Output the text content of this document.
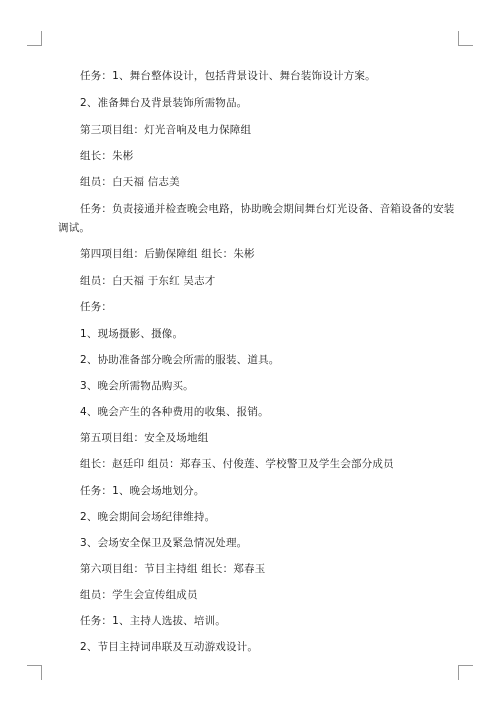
任务：1、舞台整体设计，包括背景设计、舞台装饰设计方案。

2、准备舞台及背景装饰所需物品。

第三项目组：灯光音响及电力保障组

组长：朱彬

组员：白天福 信志美

任务：负责接通并检查晚会电路，协助晚会期间舞台灯光设备、音箱设备的安装

调试。

第四项目组：后勤保障组 组长：朱彬

组员：白天福 于东红 吴志才

任务：

1、现场摄影、摄像。

2、协助准备部分晚会所需的服装、道具。

3、晚会所需物品购买。

4、晚会产生的各种费用的收集、报销。

第五项目组：安全及场地组

组长：赵廷印 组员：郑春玉、付俊莲、学校警卫及学生会部分成员

任务：1、晚会场地划分。

2、晚会期间会场纪律维持。

3、会场安全保卫及紧急情况处理。

第六项目组：节目主持组 组长：郑春玉

组员：学生会宣传组成员

任务：1、主持人选拔、培训。

2、节目主持词串联及互动游戏设计。
